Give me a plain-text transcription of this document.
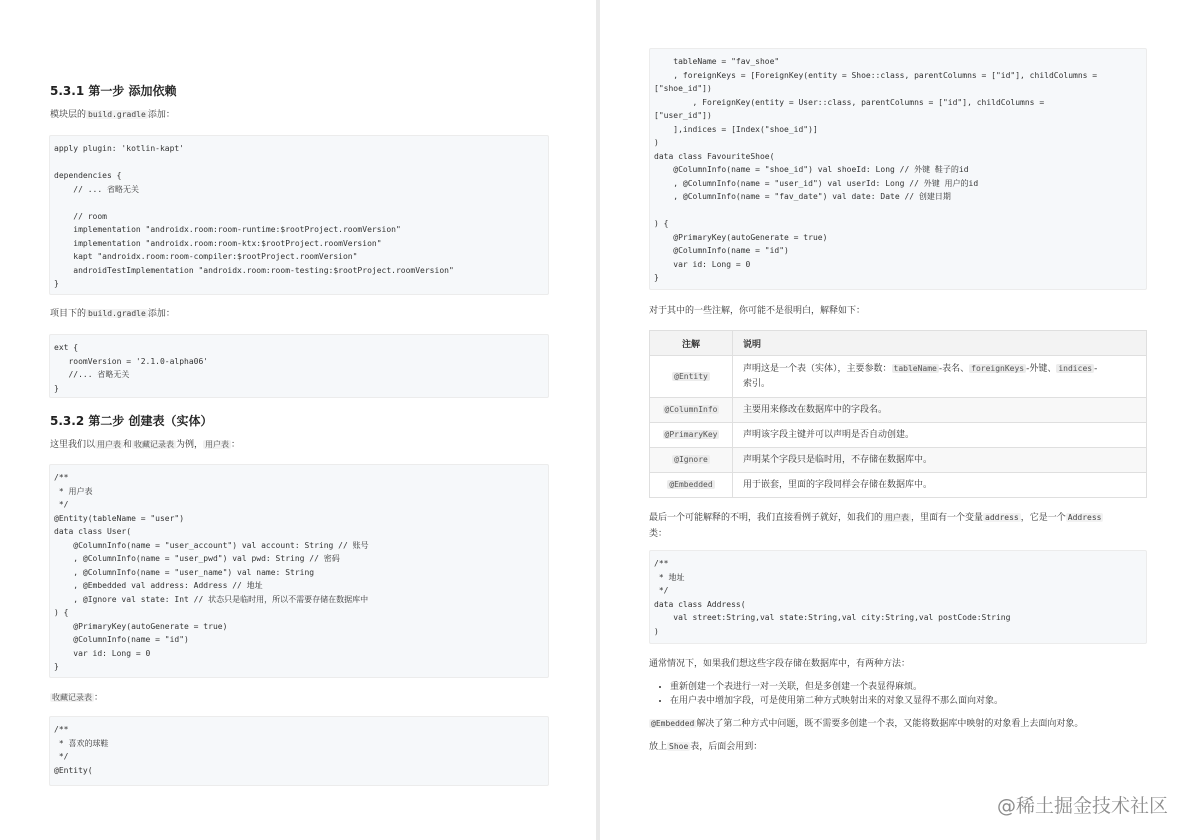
5.3.1 第一步 添加依赖

模块层的 build.gradle 添加：

apply plugin: 'kotlin-kapt'

dependencies {
// ... 省略无关

// room
implementation "androidx.room:room-runtime:$rootProject.roomVersion"
implementation "androidx.room:room-ktx:$rootProject.roomVersion"
kapt "androidx.room:room-compiler:$rootProject.roomVersion"
androidTestImplementation "androidx.room:room-testing:$rootProject.roomVersion"
}

项目下的 build.gradle 添加：

ext {
roomVersion = '2.1.0-alpha06'
//... 省略无关
}
5.3.2 第二步 创建表（实体）

这里我们以 用户表 和 收藏记录表 为例， 用户表 ：

/**
* 用户表
*/
@Entity(tableName = "user")
data class User(
@ColumnInfo(name = "user_account") val account: String // 账号
, @ColumnInfo(name = "user_pwd") val pwd: String // 密码
, @ColumnInfo(name = "user_name") val name: String
, @Embedded val address: Address // 地址
, @Ignore val state: Int // 状态只是临时用，所以不需要存储在数据库中
) {
@PrimaryKey(autoGenerate = true)
@ColumnInfo(name = "id")
var id: Long = 0
}

收藏记录表 ：

/**
* 喜欢的球鞋
*/
@Entity(
tableName = "fav_shoe"
, foreignKeys = [ForeignKey(entity = Shoe::class, parentColumns = ["id"], childColumns =
["shoe_id"])
, ForeignKey(entity = User::class, parentColumns = ["id"], childColumns =
["user_id"])
],indices = [Index("shoe_id")]
)
data class FavouriteShoe(
@ColumnInfo(name = "shoe_id") val shoeId: Long // 外键 鞋子的id
, @ColumnInfo(name = "user_id") val userId: Long // 外键 用户的id
, @ColumnInfo(name = "fav_date") val date: Date // 创建日期

) {
@PrimaryKey(autoGenerate = true)
@ColumnInfo(name = "id")
var id: Long = 0
}

对于其中的一些注解，你可能不是很明白，解释如下：

注解	说明
@Entity	声明这是一个表（实体），主要参数： tableName -表名、 foreignKeys -外键、 indices -
索引。
@ColumnInfo	主要用来修改在数据库中的字段名。
@PrimaryKey	声明该字段主键并可以声明是否自动创建。
@Ignore	声明某个字段只是临时用，不存储在数据库中。
@Embedded	用于嵌套，里面的字段同样会存储在数据库中。

最后一个可能解释的不明，我们直接看例子就好，如我们的 用户表 ，里面有一个变量 address ，它是一个 Address

类：

/**
* 地址
*/
data class Address(
val street:String,val state:String,val city:String,val postCode:String
)

通常情况下，如果我们想这些字段存储在数据库中，有两种方法：

• 重新创建一个表进行一对一关联，但是多创建一个表显得麻烦。
• 在用户表中增加字段，可是使用第二种方式映射出来的对象又显得不那么面向对象。

@Embedded 解决了第二种方式中问题，既不需要多创建一个表，又能将数据库中映射的对象看上去面向对象。

放上 Shoe 表，后面会用到：

@稀土掘金技术社区
